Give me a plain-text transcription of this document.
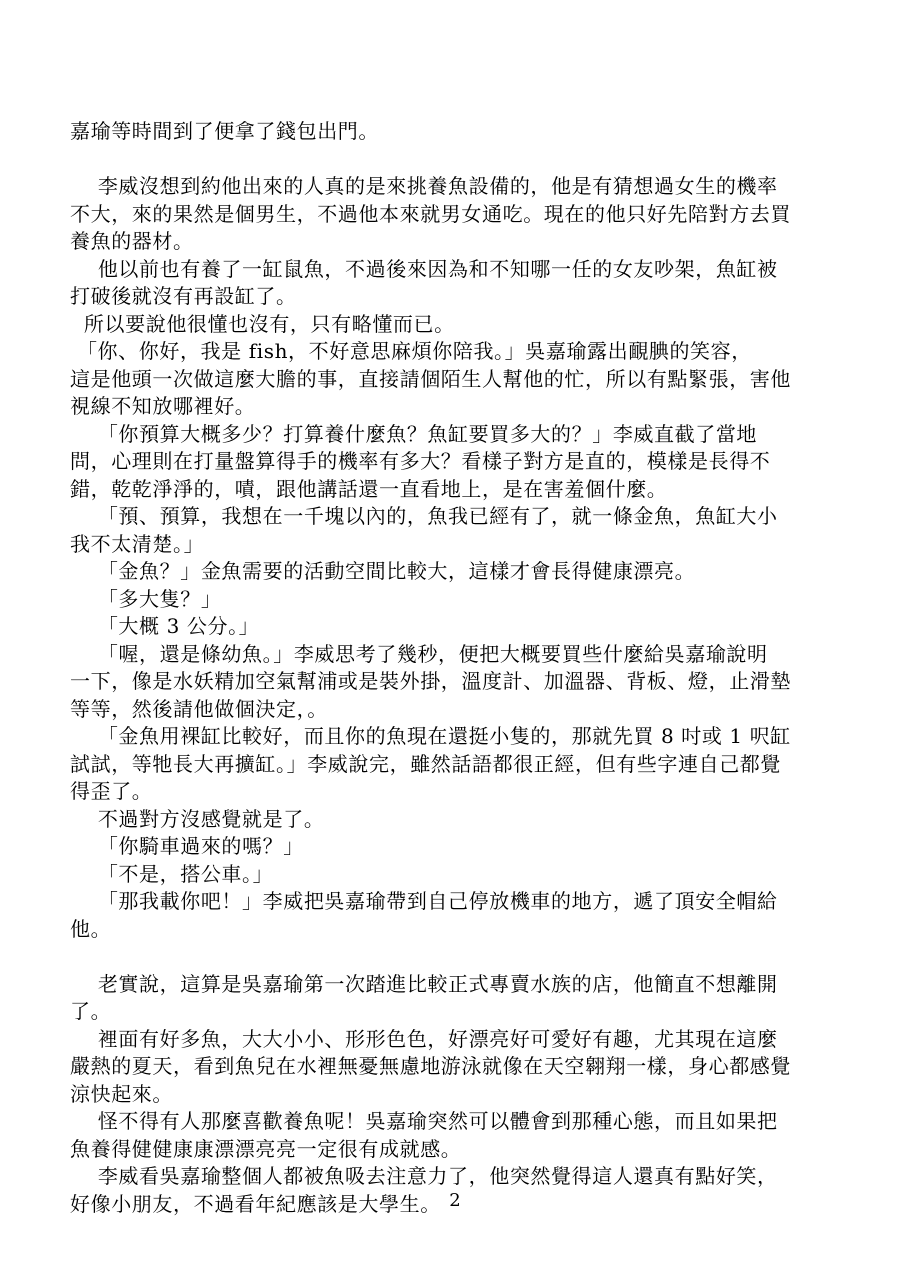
嘉瑜等時間到了便拿了錢包出門。
李威沒想到約他出來的人真的是來挑養魚設備的，他是有猜想過女生的機率
不大，來的果然是個男生，不過他本來就男女通吃。現在的他只好先陪對方去買
養魚的器材。
他以前也有養了一缸鼠魚，不過後來因為和不知哪一任的女友吵架，魚缸被
打破後就沒有再設缸了。
所以要說他很懂也沒有，只有略懂而已。
「你、你好，我是 fish，不好意思麻煩你陪我。」吳嘉瑜露出靦腆的笑容，
這是他頭一次做這麼大膽的事，直接請個陌生人幫他的忙，所以有點緊張，害他
視線不知放哪裡好。
「你預算大概多少？打算養什麼魚？魚缸要買多大的？」李威直截了當地
問，心理則在打量盤算得手的機率有多大？看樣子對方是直的，模樣是長得不
錯，乾乾淨淨的，嘖，跟他講話還一直看地上，是在害羞個什麼。
「預、預算，我想在一千塊以內的，魚我已經有了，就一條金魚，魚缸大小
我不太清楚。」
「金魚？」金魚需要的活動空間比較大，這樣才會長得健康漂亮。
「多大隻？」
「大概 3 公分。」
「喔，還是條幼魚。」李威思考了幾秒，便把大概要買些什麼給吳嘉瑜說明
一下，像是水妖精加空氣幫浦或是裝外掛，溫度計、加溫器、背板、燈，止滑墊
等等，然後請他做個決定，。
「金魚用裸缸比較好，而且你的魚現在還挺小隻的，那就先買 8 吋或 1 呎缸
試試，等牠長大再擴缸。」李威說完，雖然話語都很正經，但有些字連自己都覺
得歪了。
不過對方沒感覺就是了。
「你騎車過來的嗎？」
「不是，搭公車。」
「那我載你吧！」李威把吳嘉瑜帶到自己停放機車的地方，遞了頂安全帽給
他。
老實說，這算是吳嘉瑜第一次踏進比較正式專賣水族的店，他簡直不想離開
了。
裡面有好多魚，大大小小、形形色色，好漂亮好可愛好有趣，尤其現在這麼
嚴熱的夏天，看到魚兒在水裡無憂無慮地游泳就像在天空翱翔一樣，身心都感覺
涼快起來。
怪不得有人那麼喜歡養魚呢！吳嘉瑜突然可以體會到那種心態，而且如果把
魚養得健健康康漂漂亮亮一定很有成就感。
李威看吳嘉瑜整個人都被魚吸去注意力了，他突然覺得這人還真有點好笑，
好像小朋友，不過看年紀應該是大學生。 2
